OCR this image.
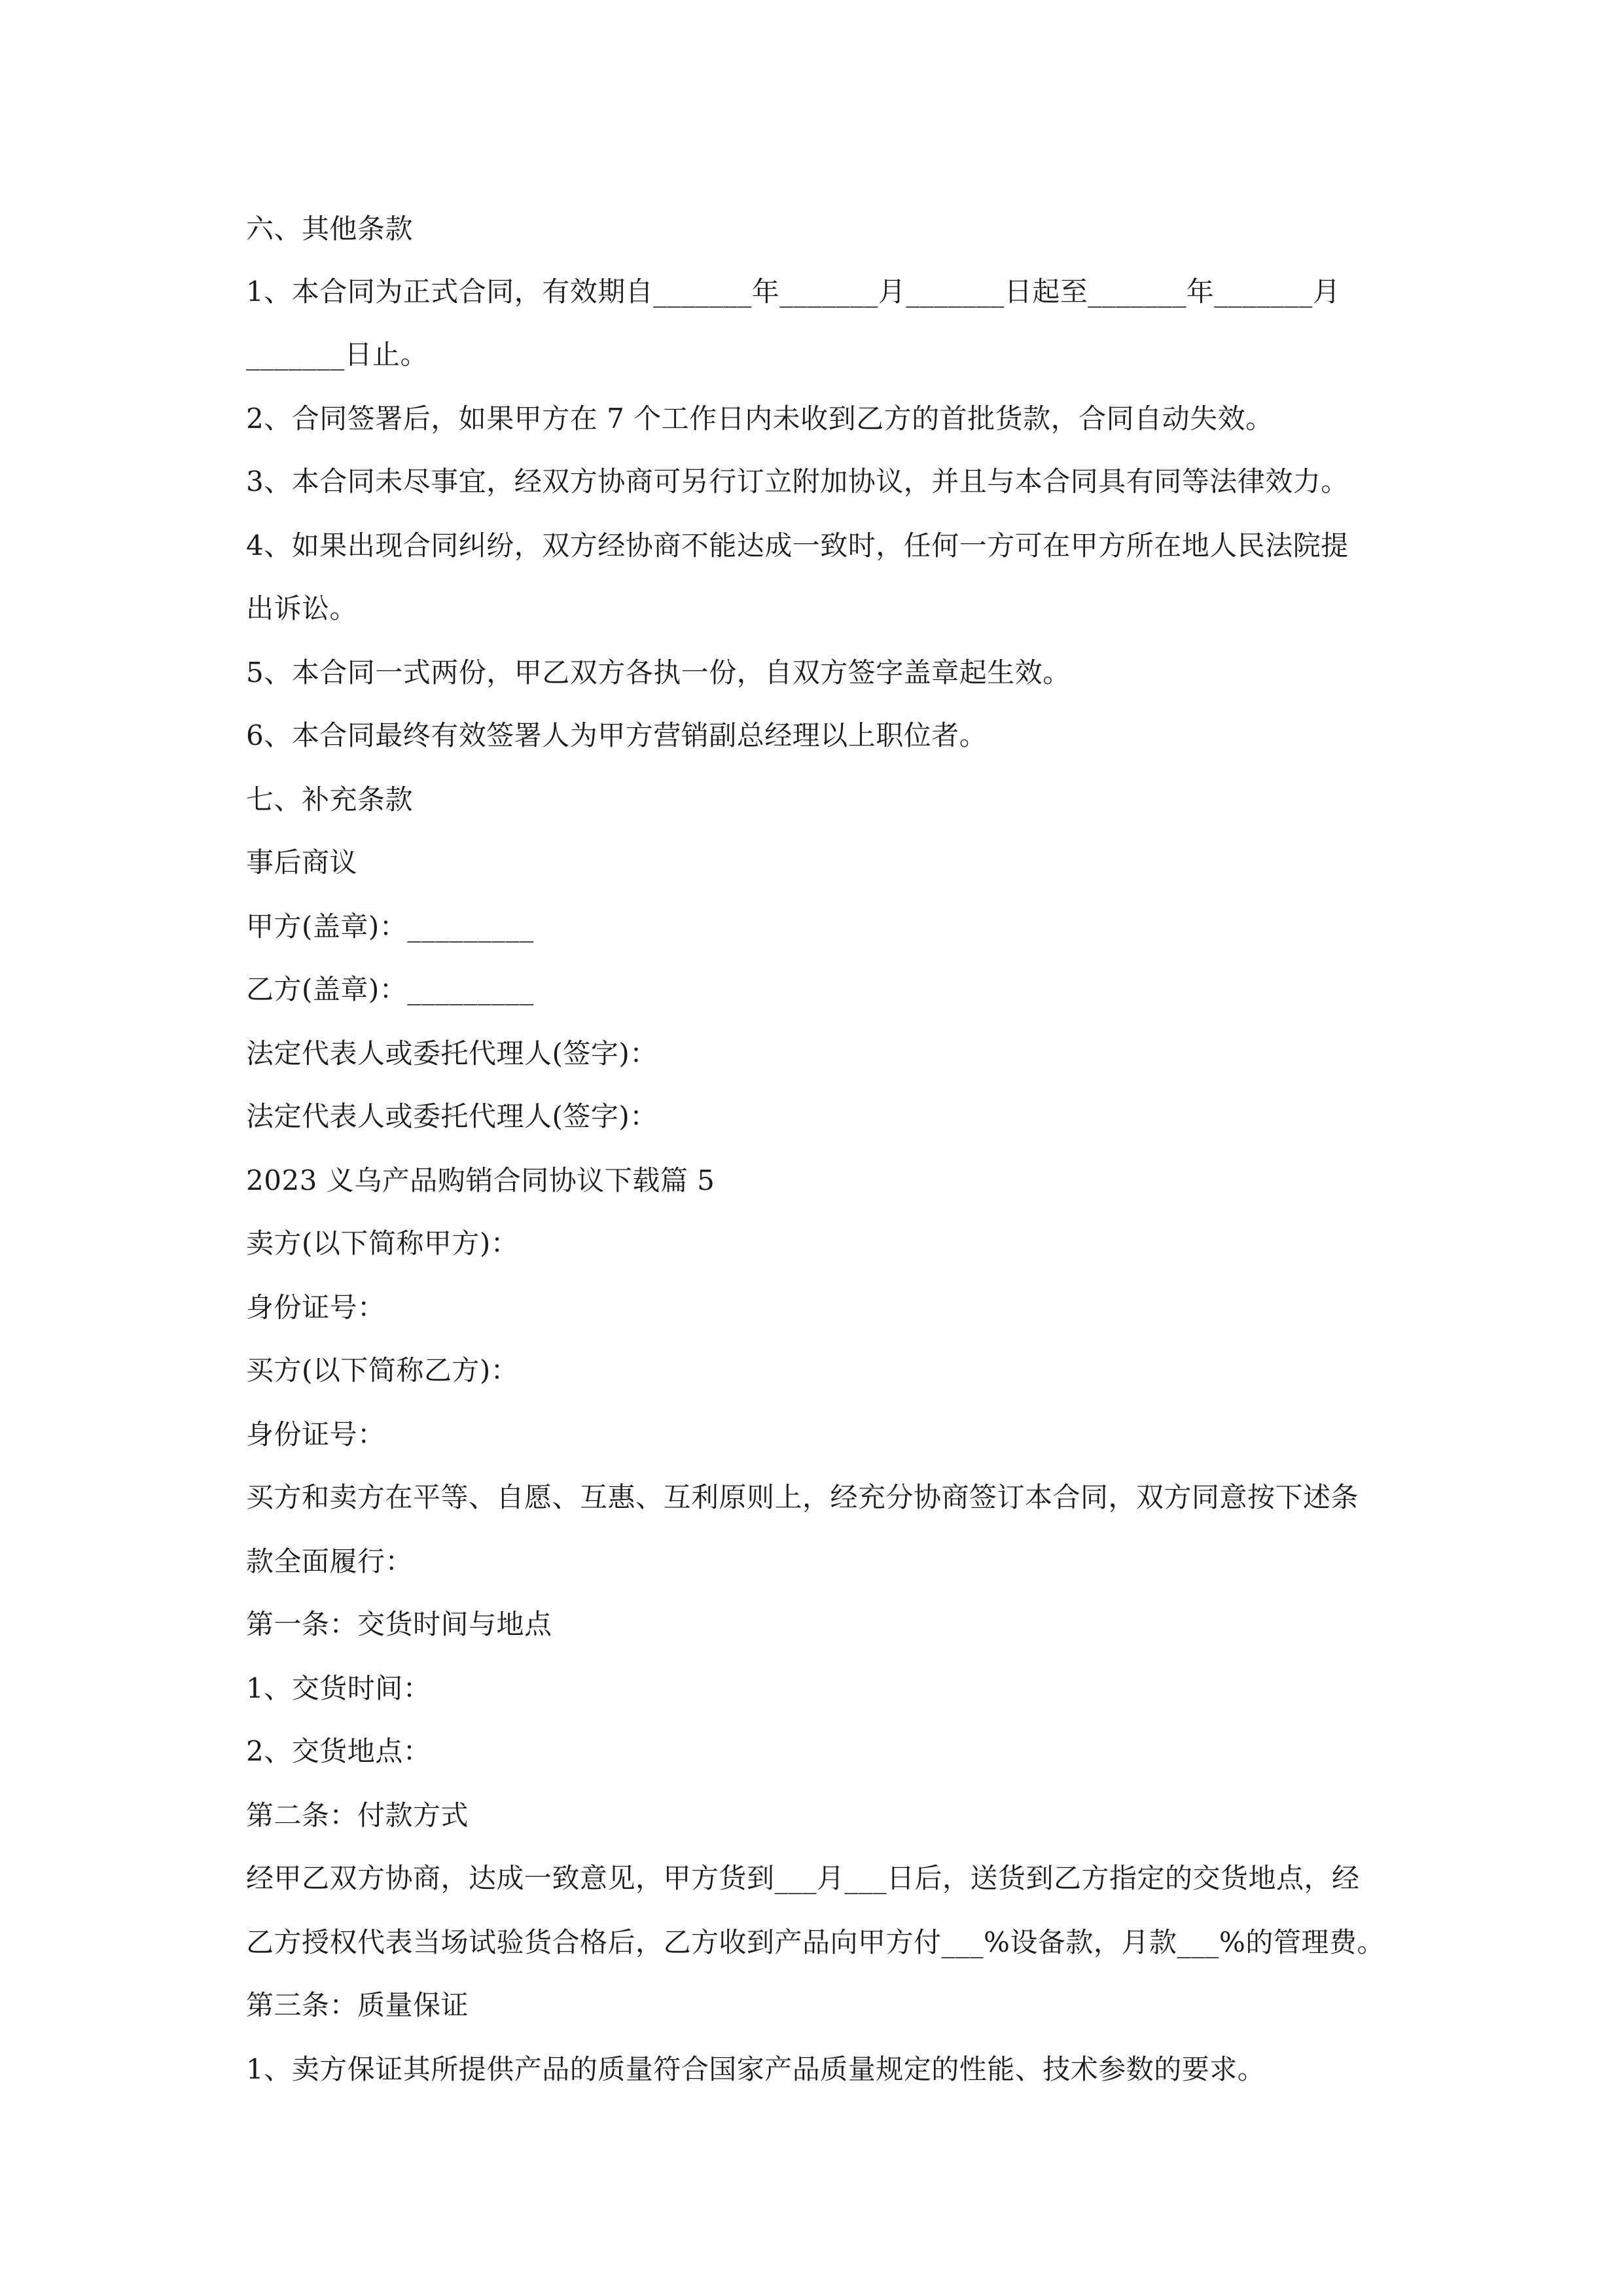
六、其他条款
1、本合同为正式合同，有效期自_______年_______月_______日起至_______年_______月
_______日止。
2、合同签署后，如果甲方在 7 个工作日内未收到乙方的首批货款，合同自动失效。
3、本合同未尽事宜，经双方协商可另行订立附加协议，并且与本合同具有同等法律效力。
4、如果出现合同纠纷，双方经协商不能达成一致时，任何一方可在甲方所在地人民法院提
出诉讼。
5、本合同一式两份，甲乙双方各执一份，自双方签字盖章起生效。
6、本合同最终有效签署人为甲方营销副总经理以上职位者。
七、补充条款
事后商议
甲方(盖章)：_________
乙方(盖章)：_________
法定代表人或委托代理人(签字)：
法定代表人或委托代理人(签字)：
2023 义乌产品购销合同协议下载篇 5
卖方(以下简称甲方)：
身份证号：
买方(以下简称乙方)：
身份证号：
买方和卖方在平等、自愿、互惠、互利原则上，经充分协商签订本合同，双方同意按下述条
款全面履行：
第一条：交货时间与地点
1、交货时间：
2、交货地点：
第二条：付款方式
经甲乙双方协商，达成一致意见，甲方货到___月___日后，送货到乙方指定的交货地点，经
乙方授权代表当场试验货合格后，乙方收到产品向甲方付___%设备款，月款___%的管理费。
第三条：质量保证
1、卖方保证其所提供产品的质量符合国家产品质量规定的性能、技术参数的要求。
